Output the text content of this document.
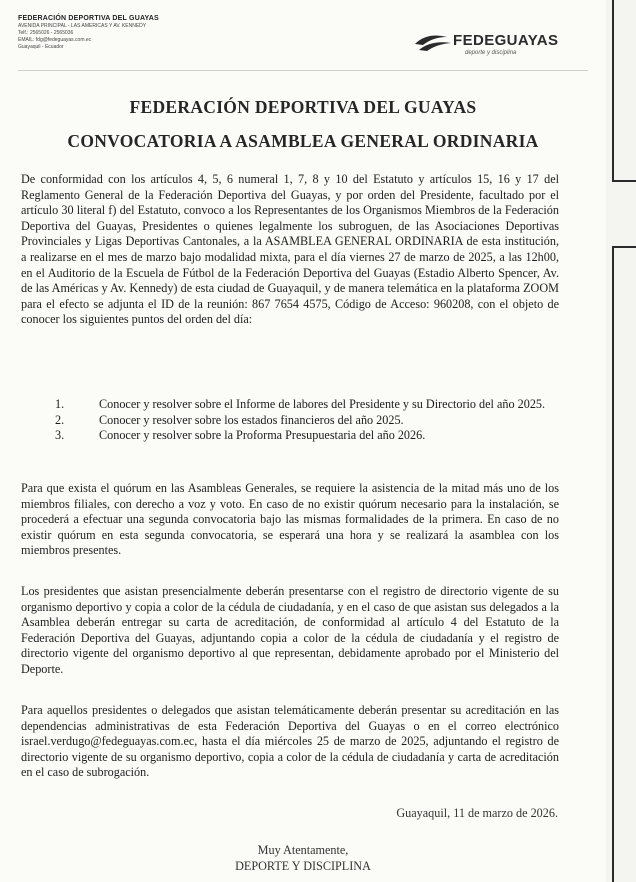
FEDERACIÓN DEPORTIVA DEL GUAYAS
AVENIDA PRINCIPAL - LAS AMERICAS Y AV. KENNEDY
Telf.: 2565026 - 2565036
EMAIL: fdg@fedeguayas.com.ec
Guayaquil - Ecuador	FEDEGUAYAS
deporte y disciplina
FEDERACIÓN DEPORTIVA DEL GUAYAS
CONVOCATORIA A ASAMBLEA GENERAL ORDINARIA
De conformidad con los artículos 4, 5, 6 numeral 1, 7, 8 y 10 del Estatuto y artículos 15, 16 y 17 del Reglamento General de la Federación Deportiva del Guayas, y por orden del Presidente, facultado por el artículo 30 literal f) del Estatuto, convoco a los Representantes de los Organismos Miembros de la Federación Deportiva del Guayas, Presidentes o quienes legalmente los subroguen, de las Asociaciones Deportivas Provinciales y Ligas Deportivas Cantonales, a la ASAMBLEA GENERAL ORDINARIA de esta institución, a realizarse en el mes de marzo bajo modalidad mixta, para el día viernes 27 de marzo de 2025, a las 12h00, en el Auditorio de la Escuela de Fútbol de la Federación Deportiva del Guayas (Estadio Alberto Spencer, Av. de las Américas y Av. Kennedy) de esta ciudad de Guayaquil, y de manera telemática en la plataforma ZOOM para el efecto se adjunta el ID de la reunión: 867 7654 4575, Código de Acceso: 960208, con el objeto de conocer los siguientes puntos del orden del día:
1.	Conocer y resolver sobre el Informe de labores del Presidente y su Directorio del año 2025.
2.	Conocer y resolver sobre los estados financieros del año 2025.
3.	Conocer y resolver sobre la Proforma Presupuestaria del año 2026.
Para que exista el quórum en las Asambleas Generales, se requiere la asistencia de la mitad más uno de los miembros filiales, con derecho a voz y voto. En caso de no existir quórum necesario para la instalación, se procederá a efectuar una segunda convocatoria bajo las mismas formalidades de la primera. En caso de no existir quórum en esta segunda convocatoria, se esperará una hora y se realizará la asamblea con los miembros presentes.
Los presidentes que asistan presencialmente deberán presentarse con el registro de directorio vigente de su organismo deportivo y copia a color de la cédula de ciudadanía, y en el caso de que asistan sus delegados a la Asamblea deberán entregar su carta de acreditación, de conformidad al artículo 4 del Estatuto de la Federación Deportiva del Guayas, adjuntando copia a color de la cédula de ciudadanía y el registro de directorio vigente del organismo deportivo al que representan, debidamente aprobado por el Ministerio del Deporte.
Para aquellos presidentes o delegados que asistan telemáticamente deberán presentar su acreditación en las dependencias administrativas de esta Federación Deportiva del Guayas o en el correo electrónico israel.verdugo@fedeguayas.com.ec, hasta el día miércoles 25 de marzo de 2025, adjuntando el registro de directorio vigente de su organismo deportivo, copia a color de la cédula de ciudadanía y carta de acreditación en el caso de subrogación.
Guayaquil, 11 de marzo de 2026.
Muy Atentamente,
DEPORTE Y DISCIPLINA
